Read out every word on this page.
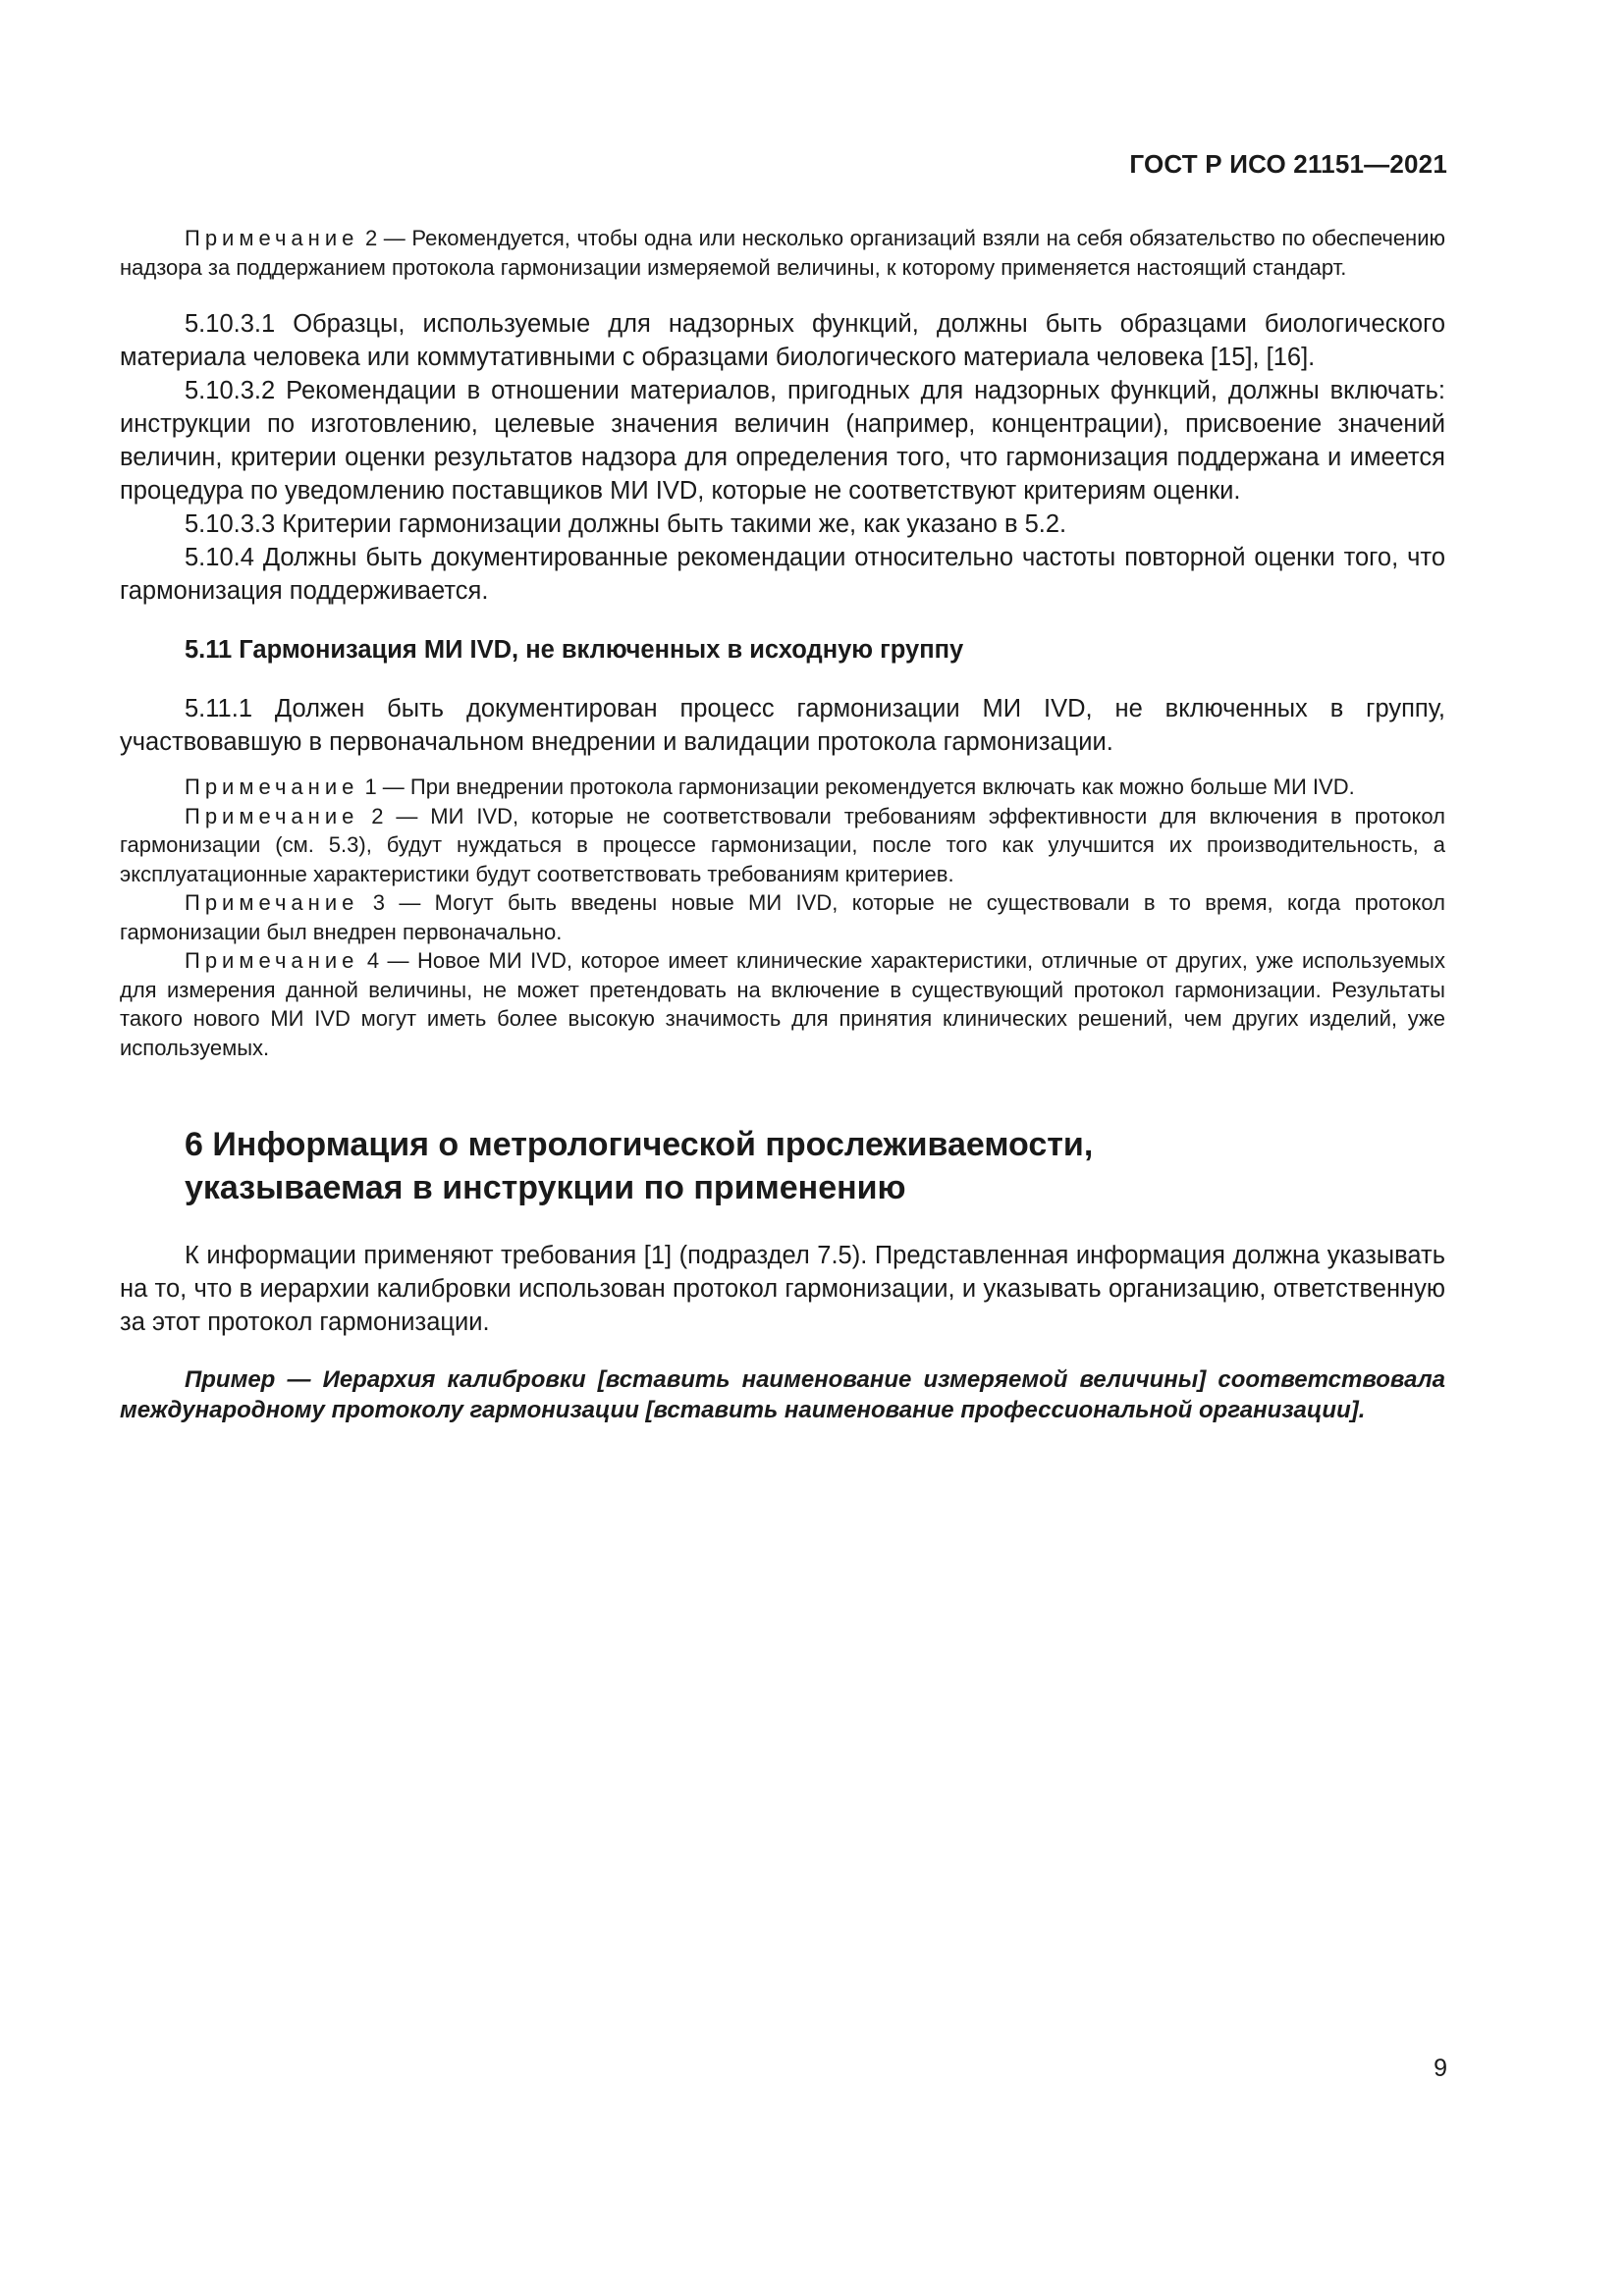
ГОСТ Р ИСО 21151—2021

Примечание 2 — Рекомендуется, чтобы одна или несколько организаций взяли на себя обязательство по обеспечению надзора за поддержанием протокола гармонизации измеряемой величины, к которому применяется настоящий стандарт.

5.10.3.1 Образцы, используемые для надзорных функций, должны быть образцами биологического материала человека или коммутативными с образцами биологического материала человека [15], [16].

5.10.3.2 Рекомендации в отношении материалов, пригодных для надзорных функций, должны включать: инструкции по изготовлению, целевые значения величин (например, концентрации), присвоение значений величин, критерии оценки результатов надзора для определения того, что гармонизация поддержана и имеется процедура по уведомлению поставщиков МИ IVD, которые не соответствуют критериям оценки.

5.10.3.3 Критерии гармонизации должны быть такими же, как указано в 5.2.

5.10.4 Должны быть документированные рекомендации относительно частоты повторной оценки того, что гармонизация поддерживается.

5.11 Гармонизация МИ IVD, не включенных в исходную группу

5.11.1 Должен быть документирован процесс гармонизации МИ IVD, не включенных в группу, участвовавшую в первоначальном внедрении и валидации протокола гармонизации.

Примечание 1 — При внедрении протокола гармонизации рекомендуется включать как можно больше МИ IVD.

Примечание 2 — МИ IVD, которые не соответствовали требованиям эффективности для включения в протокол гармонизации (см. 5.3), будут нуждаться в процессе гармонизации, после того как улучшится их производительность, а эксплуатационные характеристики будут соответствовать требованиям критериев.

Примечание 3 — Могут быть введены новые МИ IVD, которые не существовали в то время, когда протокол гармонизации был внедрен первоначально.

Примечание 4 — Новое МИ IVD, которое имеет клинические характеристики, отличные от других, уже используемых для измерения данной величины, не может претендовать на включение в существующий протокол гармонизации. Результаты такого нового МИ IVD могут иметь более высокую значимость для принятия клинических решений, чем других изделий, уже используемых.

6 Информация о метрологической прослеживаемости, указываемая в инструкции по применению

К информации применяют требования [1] (подраздел 7.5). Представленная информация должна указывать на то, что в иерархии калибровки использован протокол гармонизации, и указывать организацию, ответственную за этот протокол гармонизации.

Пример — Иерархия калибровки [вставить наименование измеряемой величины] соответствовала международному протоколу гармонизации [вставить наименование профессиональной организации].

9
